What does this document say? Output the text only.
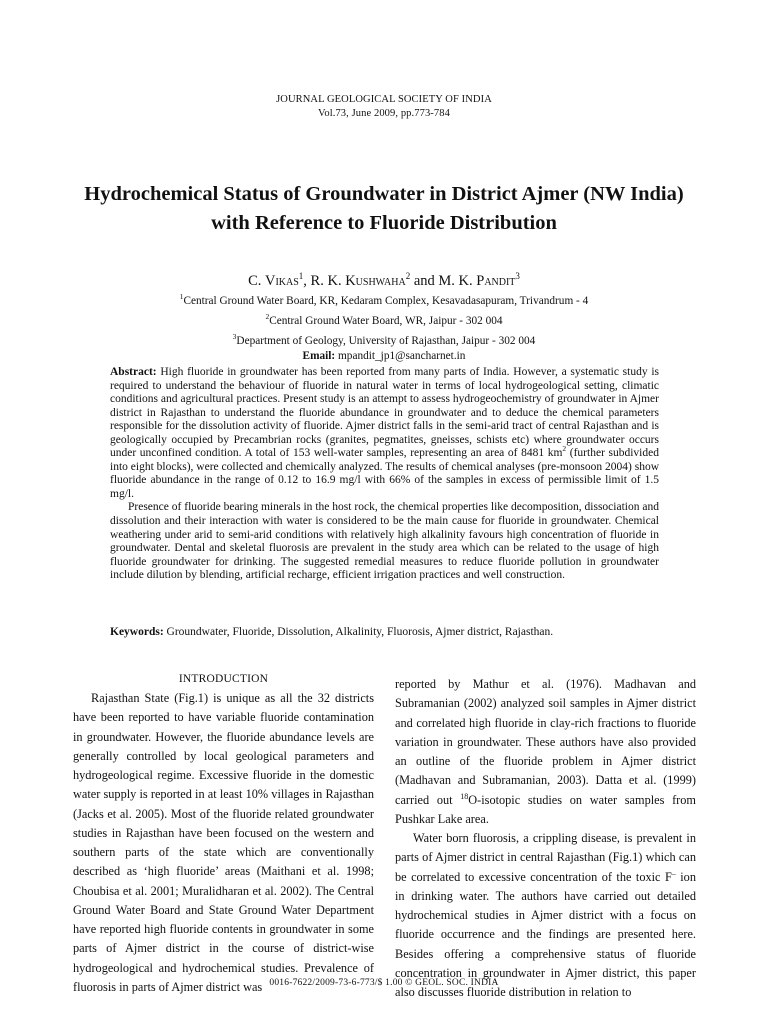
JOURNAL GEOLOGICAL SOCIETY OF INDIA
Vol.73, June 2009, pp.773-784
Hydrochemical Status of Groundwater in District Ajmer (NW India)
with Reference to Fluoride Distribution
C. Vikas$^1$, R. K. Kushwaha$^2$ and M. K. Pandit$^3$
$^1$Central Ground Water Board, KR, Kedaram Complex, Kesavadasapuram, Trivandrum - 4
$^2$Central Ground Water Board, WR, Jaipur - 302 004
$^3$Department of Geology, University of Rajasthan, Jaipur - 302 004
Email: mpandit_jp1@sancharnet.in

Abstract: High fluoride in groundwater has been reported from many parts of India. However, a systematic study is required to understand the behaviour of fluoride in natural water in terms of local hydrogeological setting, climatic conditions and agricultural practices. Present study is an attempt to assess hydrogeochemistry of groundwater in Ajmer district in Rajasthan to understand the fluoride abundance in groundwater and to deduce the chemical parameters responsible for the dissolution activity of fluoride. Ajmer district falls in the semi-arid tract of central Rajasthan and is geologically occupied by Precambrian rocks (granites, pegmatites, gneisses, schists etc) where groundwater occurs under unconfined condition. A total of 153 well-water samples, representing an area of 8481 $km^2$ (further subdivided into eight blocks), were collected and chemically analyzed. The results of chemical analyses (pre-monsoon 2004) show fluoride abundance in the range of 0.12 to 16.9 mg/l with 66% of the samples in excess of permissible limit of 1.5 mg/l.

Presence of fluoride bearing minerals in the host rock, the chemical properties like decomposition, dissociation and dissolution and their interaction with water is considered to be the main cause for fluoride in groundwater. Chemical weathering under arid to semi-arid conditions with relatively high alkalinity favours high concentration of fluoride in groundwater. Dental and skeletal fluorosis are prevalent in the study area which can be related to the usage of high fluoride groundwater for drinking. The suggested remedial measures to reduce fluoride pollution in groundwater include dilution by blending, artificial recharge, efficient irrigation practices and well construction.

Keywords: Groundwater, Fluoride, Dissolution, Alkalinity, Fluorosis, Ajmer district, Rajasthan.

INTRODUCTION

Rajasthan State (Fig.1) is unique as all the 32 districts have been reported to have variable fluoride contamination in groundwater. However, the fluoride abundance levels are generally controlled by local geological parameters and hydrogeological regime. Excessive fluoride in the domestic water supply is reported in at least 10% villages in Rajasthan (Jacks et al. 2005). Most of the fluoride related groundwater studies in Rajasthan have been focused on the western and southern parts of the state which are conventionally described as ‘high fluoride’ areas (Maithani et al. 1998; Choubisa et al. 2001; Muralidharan et al. 2002). The Central Ground Water Board and State Ground Water Department have reported high fluoride contents in groundwater in some parts of Ajmer district in the course of district-wise hydrogeological and hydrochemical studies. Prevalence of fluorosis in parts of Ajmer district was

reported by Mathur et al. (1976). Madhavan and Subramanian (2002) analyzed soil samples in Ajmer district and correlated high fluoride in clay-rich fractions to fluoride variation in groundwater. These authors have also provided an outline of the fluoride problem in Ajmer district (Madhavan and Subramanian, 2003). Datta et al. (1999) carried out $^{18}$O-isotopic studies on water samples from Pushkar Lake area.

Water born fluorosis, a crippling disease, is prevalent in parts of Ajmer district in central Rajasthan (Fig.1) which can be correlated to excessive concentration of the toxic F– ion in drinking water. The authors have carried out detailed hydrochemical studies in Ajmer district with a focus on fluoride occurrence and the findings are presented here. Besides offering a comprehensive status of fluoride concentration in groundwater in Ajmer district, this paper also discusses fluoride distribution in relation to

0016-7622/2009-73-6-773/$ 1.00 © GEOL. SOC. INDIA
